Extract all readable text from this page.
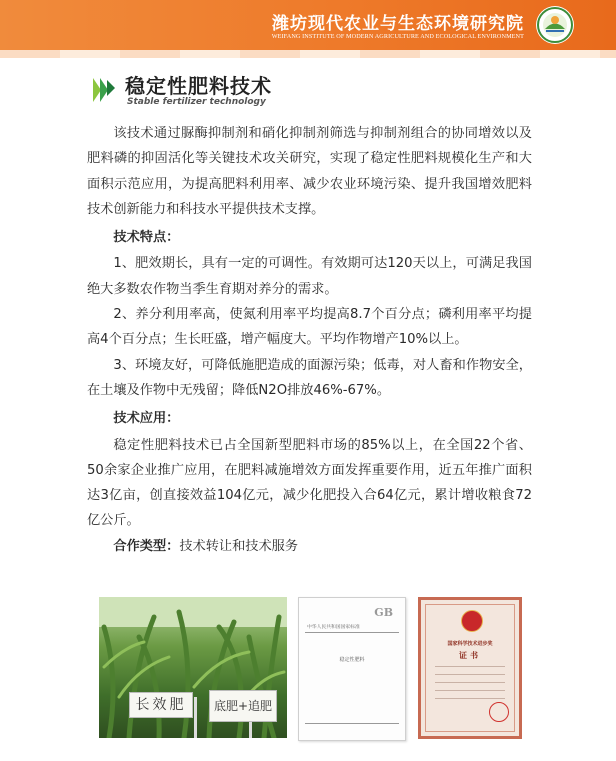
潍坊现代农业与生态环境研究院
WEIFANG INSTITUTE OF MODERN AGRICULTURE AND ECOLOGICAL ENVIRONMENT
稳定性肥料技术
Stable fertilizer technology

该技术通过脲酶抑制剂和硝化抑制剂筛选与抑制剂组合的协同增效以及肥料磷的抑固活化等关键技术攻关研究，实现了稳定性肥料规模化生产和大面积示范应用，为提高肥料利用率、减少农业环境污染、提升我国增效肥料技术创新能力和科技水平提供技术支撑。

技术特点：

1、肥效期长，具有一定的可调性。有效期可达120天以上，可满足我国绝大多数农作物当季生育期对养分的需求。

2、养分利用率高，使氮利用率平均提高8.7个百分点；磷利用率平均提高4个百分点；生长旺盛，增产幅度大。平均作物增产10%以上。

3、环境友好，可降低施肥造成的面源污染；低毒，对人畜和作物安全，在土壤及作物中无残留；降低N2O排放46%-67%。

技术应用：

稳定性肥料技术已占全国新型肥料市场的85%以上，在全国22个省、50余家企业推广应用，在肥料减施增效方面发挥重要作用，近五年推广面积达3亿亩，创直接效益104亿元，减少化肥投入合64亿元，累计增收粮食72亿公斤。

合作类型：技术转让和技术服务
长效肥	底肥+追肥
GB
中华人民共和国国家标准
稳定性肥料
国家科学技术进步奖
证书
